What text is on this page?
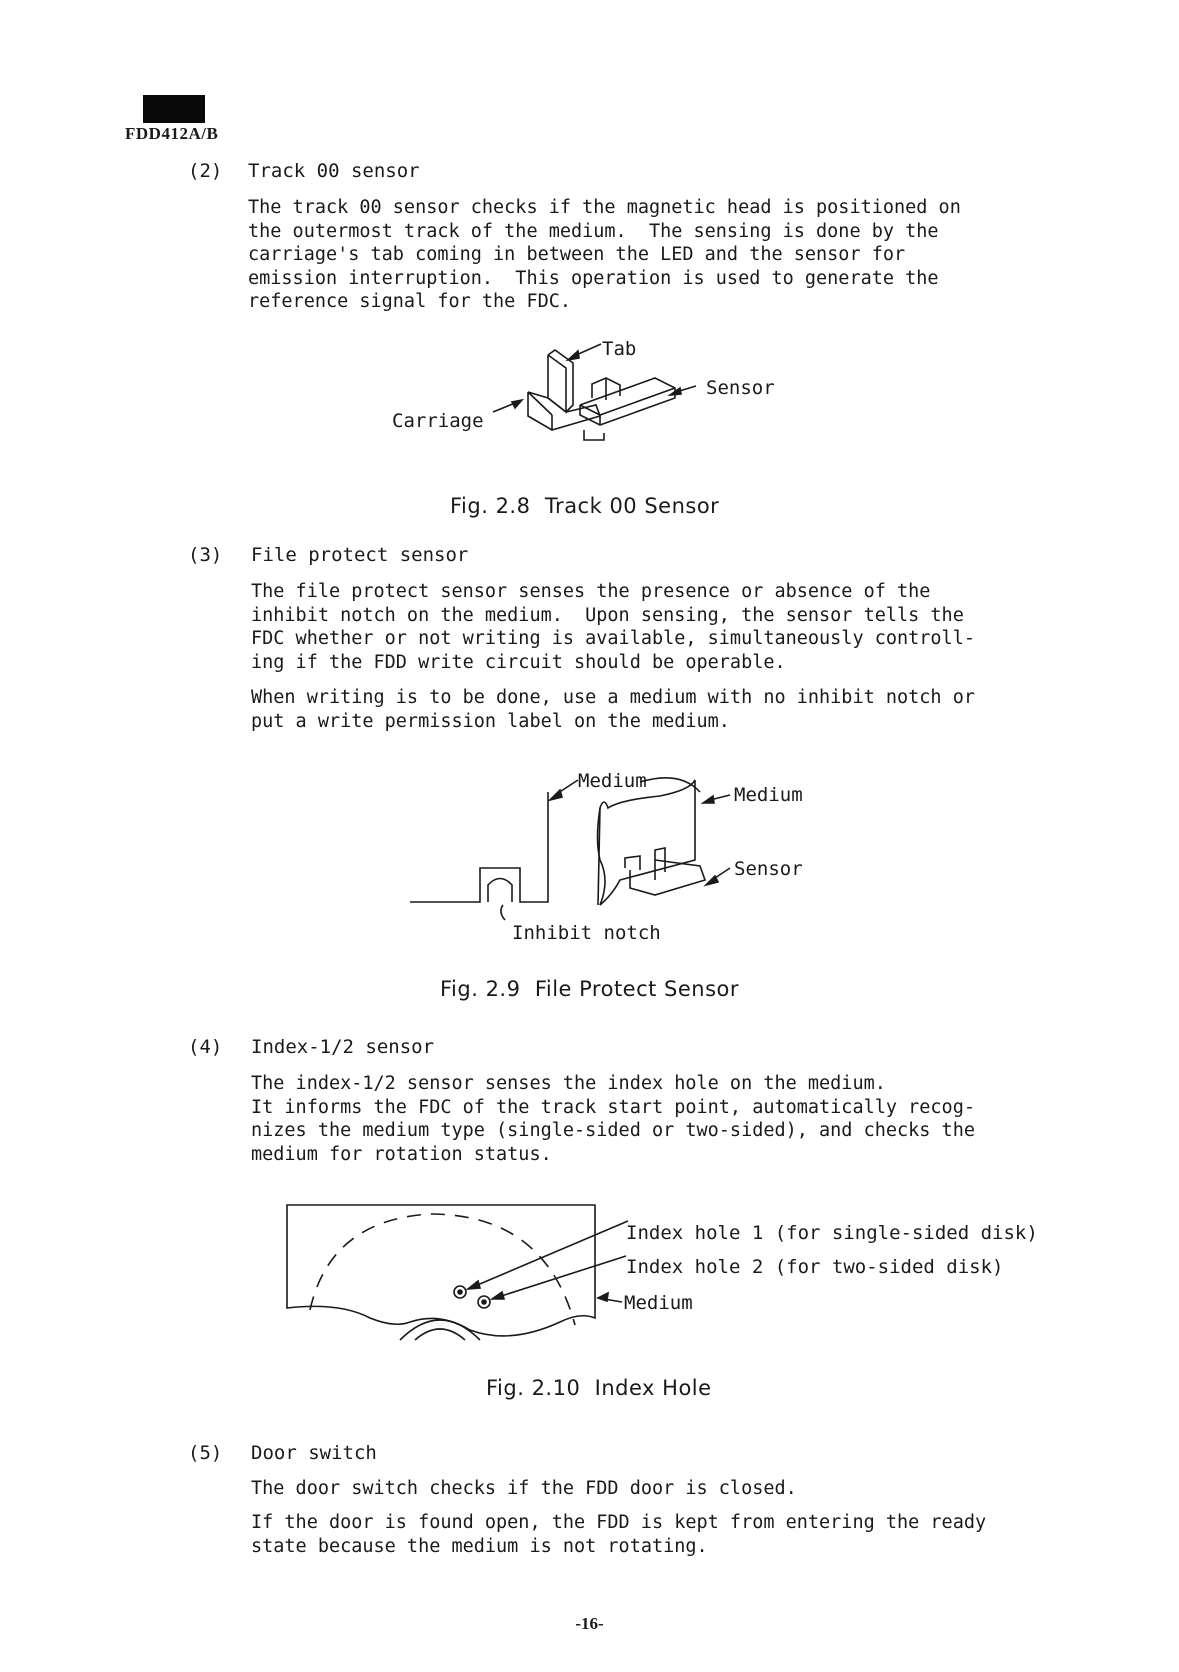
FDD412A/B
(2) Track 00 sensor
The track 00 sensor checks if the magnetic head is positioned on
the outermost track of the medium.  The sensing is done by the
carriage's tab coming in between the LED and the sensor for
emission interruption.  This operation is used to generate the
reference signal for the FDC.
Tab
Sensor
Carriage
Fig. 2.8  Track 00 Sensor
(3) File protect sensor
The file protect sensor senses the presence or absence of the
inhibit notch on the medium.  Upon sensing, the sensor tells the
FDC whether or not writing is available, simultaneously controll-
ing if the FDD write circuit should be operable.
When writing is to be done, use a medium with no inhibit notch or
put a write permission label on the medium.
Medium
Medium
Sensor
Inhibit notch
Fig. 2.9  File Protect Sensor
(4) Index-1/2 sensor
The index-1/2 sensor senses the index hole on the medium.
It informs the FDC of the track start point, automatically recog-
nizes the medium type (single-sided or two-sided), and checks the
medium for rotation status.
Index hole 1 (for single-sided disk)
Index hole 2 (for two-sided disk)
Medium
Fig. 2.10  Index Hole
(5) Door switch
The door switch checks if the FDD door is closed.
If the door is found open, the FDD is kept from entering the ready
state because the medium is not rotating.
-16-
